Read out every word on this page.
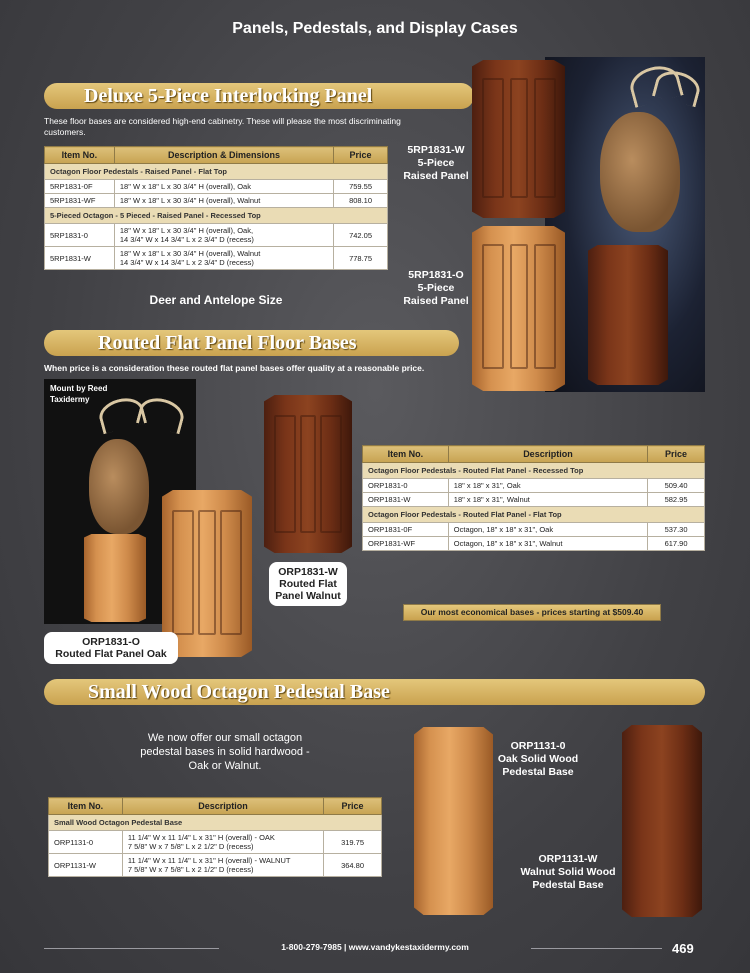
Panels, Pedestals, and Display Cases
Deluxe 5-Piece Interlocking Panel
These floor bases are considered high-end cabinetry. These will please the most discriminating customers.
Item No.	Description & Dimensions	Price
Octagon Floor Pedestals - Raised Panel - Flat Top		
5RP1831-0F	18" W x 18" L x 30 3/4" H (overall), Oak	759.55
5RP1831-WF	18" W x 18" L x 30 3/4" H (overall), Walnut	808.10
5-Pieced Octagon - 5 Pieced - Raised Panel - Recessed Top		
5RP1831-0	18" W x 18" L x 30 3/4" H (overall), Oak,
14 3/4" W x 14 3/4" L x 2 3/4" D (recess)	742.05
5RP1831-W	18" W x 18" L x 30 3/4" H (overall), Walnut
14 3/4" W x 14 3/4" L x 2 3/4" D (recess)	778.75
Deer and Antelope Size
5RP1831-W
5-Piece
Raised Panel
5RP1831-O
5-Piece
Raised Panel
Routed Flat Panel Floor Bases
When price is a consideration these routed flat panel bases offer quality at a reasonable price.
Mount by Reed
Taxidermy
ORP1831-W
Routed Flat
Panel Walnut
ORP1831-O
Routed Flat Panel Oak
Item No.	Description	Price
Octagon Floor Pedestals - Routed Flat Panel - Recessed Top		
ORP1831-0	18" x 18" x 31", Oak	509.40
ORP1831-W	18" x 18" x 31", Walnut	582.95
Octagon Floor Pedestals - Routed Flat Panel - Flat Top		
ORP1831-0F	Octagon, 18" x 18" x 31", Oak	537.30
ORP1831-WF	Octagon, 18" x 18" x 31", Walnut	617.90
Our most economical bases - prices starting at $509.40
Small Wood Octagon Pedestal Base
We now offer our small octagon
pedestal bases in solid hardwood -
Oak or Walnut.
Item No.	Description	Price
Small Wood Octagon Pedestal Base		
ORP1131-0	11 1/4" W x 11 1/4" L x 31" H (overall) - OAK
7 5/8" W x 7 5/8" L x 2 1/2" D (recess)	319.75
ORP1131-W	11 1/4" W x 11 1/4" L x 31" H (overall) - WALNUT
7 5/8" W x 7 5/8" L x 2 1/2" D (recess)	364.80
ORP1131-0
Oak Solid Wood
Pedestal Base
ORP1131-W
Walnut Solid Wood
Pedestal Base
1-800-279-7985 | www.vandykestaxidermy.com	469
